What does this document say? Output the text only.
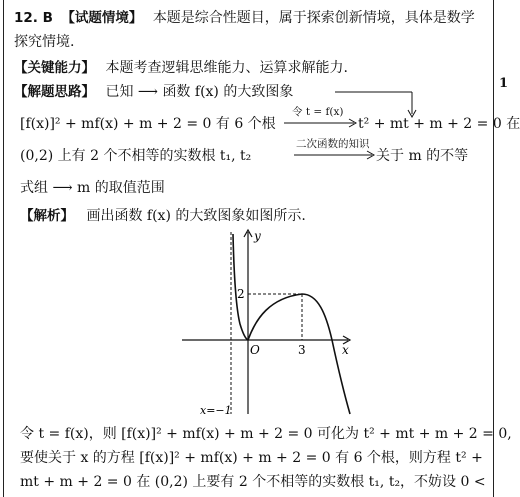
1
12. B 【试题情境】 本题是综合性题目，属于探索创新情境，具体是数学
探究情境.
【关键能力】 本题考查逻辑思维能力、运算求解能力.
【解题思路】 已知 ⟶ 函数 f(x) 的大致图象
[f(x)]² + mf(x) + m + 2 = 0 有 6 个根
令 t = f(x)
t² + mt + m + 2 = 0 在
(0,2) 上有 2 个不相等的实数根 t₁, t₂
二次函数的知识
关于 m 的不等
式组 ⟶ m 的取值范围
【解析】 画出函数 f(x) 的大致图象如图所示.
y
x
O
2
3
x=−1
令 t = f(x)，则 [f(x)]² + mf(x) + m + 2 = 0 可化为 t² + mt + m + 2 = 0,
要使关于 x 的方程 [f(x)]² + mf(x) + m + 2 = 0 有 6 个根，则方程 t² +
mt + m + 2 = 0 在 (0,2) 上要有 2 个不相等的实数根 t₁, t₂，不妨设 0 <
